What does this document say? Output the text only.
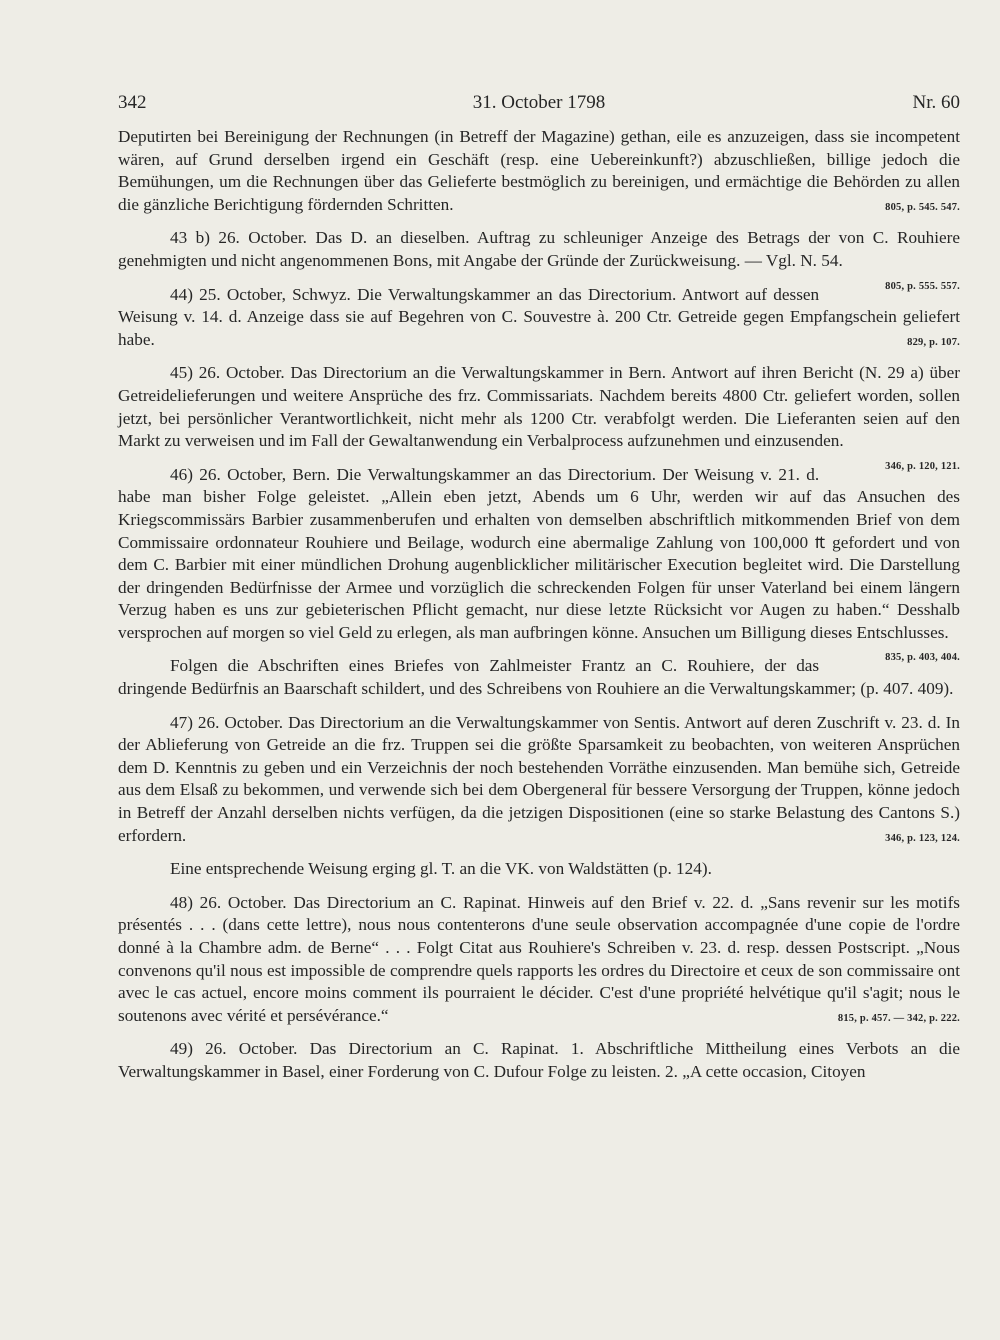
342	31. October 1798	Nr. 60

Deputirten bei Bereinigung der Rechnungen (in Betreff der Magazine) gethan, eile es anzuzeigen, dass sie incompetent wären, auf Grund derselben irgend ein Geschäft (resp. eine Uebereinkunft?) abzuschließen, billige jedoch die Bemühungen, um die Rechnungen über das Gelieferte bestmöglich zu bereinigen, und ermächtige die Behörden zu allen die gänzliche Berichtigung fördernden Schritten.	805, p. 545. 547.

43 b) 26. October. Das D. an dieselben. Auftrag zu schleuniger Anzeige des Betrags der von C. Rouhiere genehmigten und nicht angenommenen Bons, mit Angabe der Gründe der Zurückweisung. — Vgl. N. 54.
805, p. 555. 557.

44) 25. October, Schwyz. Die Verwaltungskammer an das Directorium. Antwort auf dessen Weisung v. 14. d. Anzeige dass sie auf Begehren von C. Souvestre à. 200 Ctr. Getreide gegen Empfangschein geliefert habe.	829, p. 107.

45) 26. October. Das Directorium an die Verwaltungskammer in Bern. Antwort auf ihren Bericht (N. 29 a) über Getreidelieferungen und weitere Ansprüche des frz. Commissariats. Nachdem bereits 4800 Ctr. geliefert worden, sollen jetzt, bei persönlicher Verantwortlichkeit, nicht mehr als 1200 Ctr. verabfolgt werden. Die Lieferanten seien auf den Markt zu verweisen und im Fall der Gewaltanwendung ein Verbalprocess aufzunehmen und einzusenden.
346, p. 120, 121.

46) 26. October, Bern. Die Verwaltungskammer an das Directorium. Der Weisung v. 21. d. habe man bisher Folge geleistet. „Allein eben jetzt, Abends um 6 Uhr, werden wir auf das Ansuchen des Kriegscommissärs Barbier zusammenberufen und erhalten von demselben abschriftlich mitkommenden Brief von dem Commissaire ordonnateur Rouhiere und Beilage, wodurch eine abermalige Zahlung von 100,000 ₶ gefordert und von dem C. Barbier mit einer mündlichen Drohung augenblicklicher militärischer Execution begleitet wird. Die Darstellung der dringenden Bedürfnisse der Armee und vorzüglich die schreckenden Folgen für unser Vaterland bei einem längern Verzug haben es uns zur gebieterischen Pflicht gemacht, nur diese letzte Rücksicht vor Augen zu haben.“ Desshalb versprochen auf morgen so viel Geld zu erlegen, als man aufbringen könne. Ansuchen um Billigung dieses Entschlusses.
835, p. 403, 404.

Folgen die Abschriften eines Briefes von Zahlmeister Frantz an C. Rouhiere, der das dringende Bedürfnis an Baarschaft schildert, und des Schreibens von Rouhiere an die Verwaltungskammer; (p. 407. 409).

47) 26. October. Das Directorium an die Verwaltungskammer von Sentis. Antwort auf deren Zuschrift v. 23. d. In der Ablieferung von Getreide an die frz. Truppen sei die größte Sparsamkeit zu beobachten, von weiteren Ansprüchen dem D. Kenntnis zu geben und ein Verzeichnis der noch bestehenden Vorräthe einzusenden. Man bemühe sich, Getreide aus dem Elsaß zu bekommen, und verwende sich bei dem Obergeneral für bessere Versorgung der Truppen, könne jedoch in Betreff der Anzahl derselben nichts verfügen, da die jetzigen Dispositionen (eine so starke Belastung des Cantons S.) erfordern.	346, p. 123, 124.

Eine entsprechende Weisung erging gl. T. an die VK. von Waldstätten (p. 124).

48) 26. October. Das Directorium an C. Rapinat. Hinweis auf den Brief v. 22. d. „Sans revenir sur les motifs présentés . . . (dans cette lettre), nous nous contenterons d'une seule observation accompagnée d'une copie de l'ordre donné à la Chambre adm. de Berne“ . . . Folgt Citat aus Rouhiere's Schreiben v. 23. d. resp. dessen Postscript. „Nous convenons qu'il nous est impossible de comprendre quels rapports les ordres du Directoire et ceux de son commissaire ont avec le cas actuel, encore moins comment ils pourraient le décider. C'est d'une propriété helvétique qu'il s'agit; nous le soutenons avec vérité et persévérance.“	815, p. 457. — 342, p. 222.

49) 26. October. Das Directorium an C. Rapinat. 1. Abschriftliche Mittheilung eines Verbots an die Verwaltungskammer in Basel, einer Forderung von C. Dufour Folge zu leisten. 2. „A cette occasion, Citoyen
